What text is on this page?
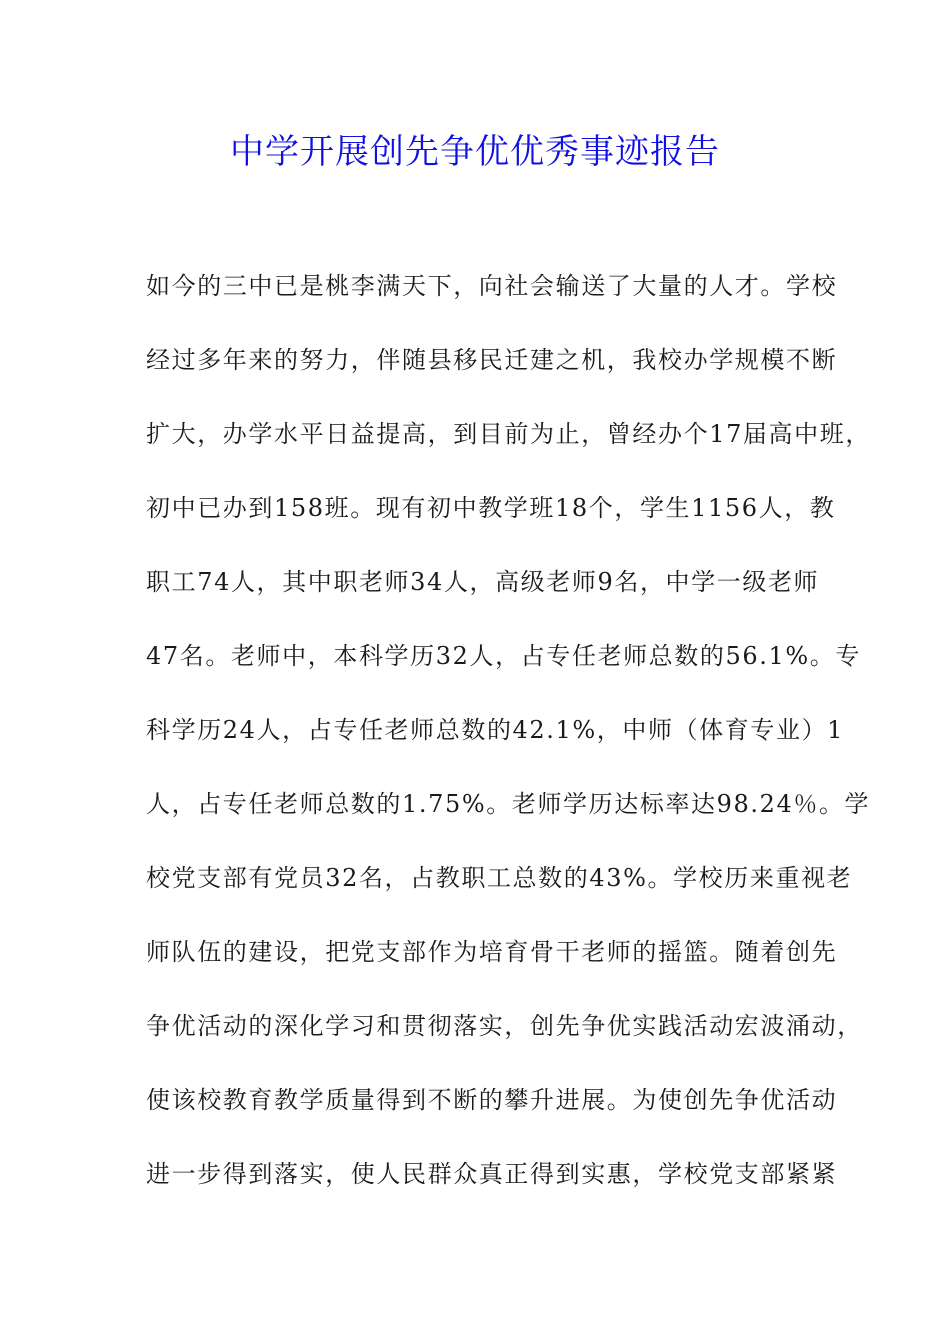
中学开展创先争优优秀事迹报告
如今的三中已是桃李满天下，向社会输送了大量的人才。学校
经过多年来的努力，伴随县移民迁建之机，我校办学规模不断
扩大，办学水平日益提高，到目前为止，曾经办个17届高中班，
初中已办到158班。现有初中教学班18个，学生1156人，教
职工74人，其中职老师34人，高级老师9名，中学一级老师
47名。老师中，本科学历32人，占专任老师总数的56.1%。专
科学历24人，占专任老师总数的42.1%，中师（体育专业）1
人，占专任老师总数的1.75%。老师学历达标率达98.24％。学
校党支部有党员32名，占教职工总数的43%。学校历来重视老
师队伍的建设，把党支部作为培育骨干老师的摇篮。随着创先
争优活动的深化学习和贯彻落实，创先争优实践活动宏波涌动，
使该校教育教学质量得到不断的攀升进展。为使创先争优活动
进一步得到落实，使人民群众真正得到实惠，学校党支部紧紧
